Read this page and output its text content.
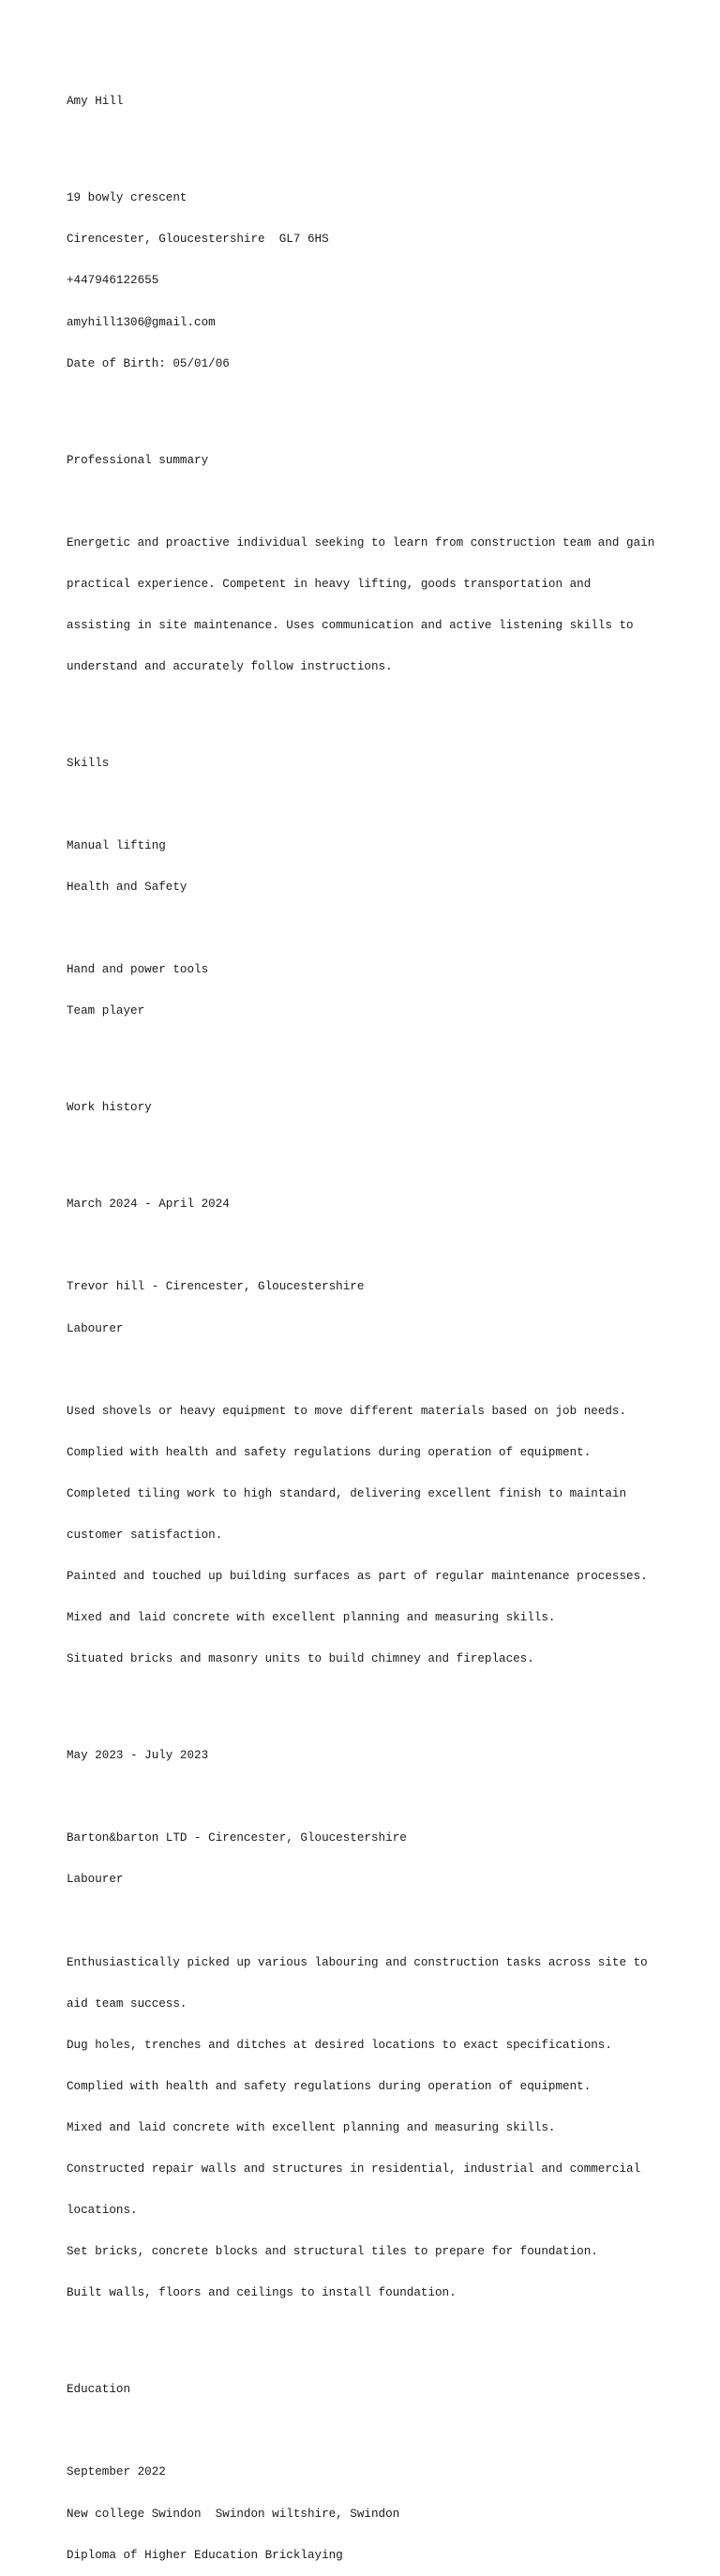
Amy Hill

19 bowly crescent

Cirencester, Gloucestershire  GL7 6HS

+447946122655

amyhill1306@gmail.com

Date of Birth: 05/01/06

Professional summary

Energetic and proactive individual seeking to learn from construction team and gain

practical experience. Competent in heavy lifting, goods transportation and

assisting in site maintenance. Uses communication and active listening skills to

understand and accurately follow instructions.

Skills

Manual lifting

Health and Safety

Hand and power tools

Team player

Work history

March 2024 - April 2024

Trevor hill - Cirencester, Gloucestershire

Labourer

Used shovels or heavy equipment to move different materials based on job needs.

Complied with health and safety regulations during operation of equipment.

Completed tiling work to high standard, delivering excellent finish to maintain

customer satisfaction.

Painted and touched up building surfaces as part of regular maintenance processes.

Mixed and laid concrete with excellent planning and measuring skills.

Situated bricks and masonry units to build chimney and fireplaces.

May 2023 - July 2023

Barton&barton LTD - Cirencester, Gloucestershire

Labourer

Enthusiastically picked up various labouring and construction tasks across site to

aid team success.

Dug holes, trenches and ditches at desired locations to exact specifications.

Complied with health and safety regulations during operation of equipment.

Mixed and laid concrete with excellent planning and measuring skills.

Constructed repair walls and structures in residential, industrial and commercial

locations.

Set bricks, concrete blocks and structural tiles to prepare for foundation.

Built walls, floors and ceilings to install foundation.

Education

September 2022

New college Swindon  Swindon wiltshire, Swindon

Diploma of Higher Education Bricklaying
